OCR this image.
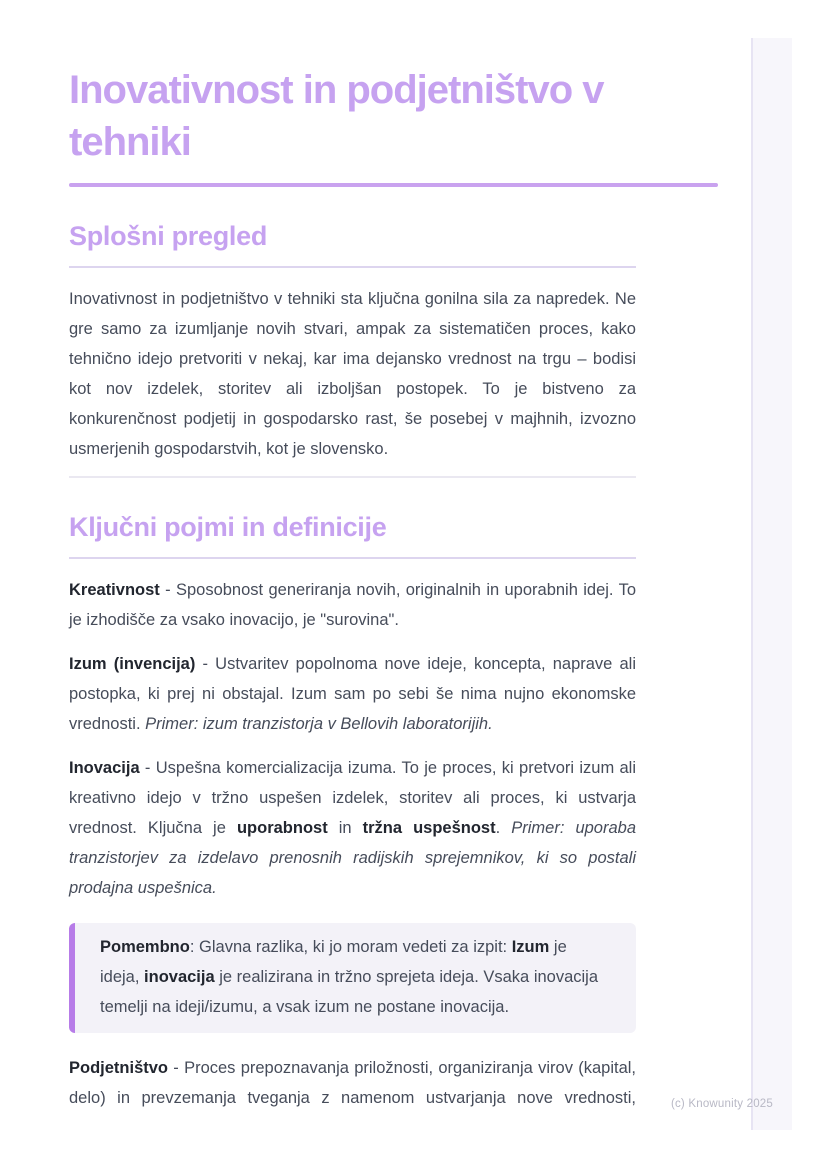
Inovativnost in podjetništvo v tehniki
Splošni pregled

Inovativnost in podjetništvo v tehniki sta ključna gonilna sila za napredek. Ne gre samo za izumljanje novih stvari, ampak za sistematičen proces, kako tehnično idejo pretvoriti v nekaj, kar ima dejansko vrednost na trgu – bodisi kot nov izdelek, storitev ali izboljšan postopek. To je bistveno za konkurenčnost podjetij in gospodarsko rast, še posebej v majhnih, izvozno usmerjenih gospodarstvih, kot je slovensko.

Ključni pojmi in definicije

Kreativnost - Sposobnost generiranja novih, originalnih in uporabnih idej. To je izhodišče za vsako inovacijo, je "surovina".

Izum (invencija) - Ustvaritev popolnoma nove ideje, koncepta, naprave ali postopka, ki prej ni obstajal. Izum sam po sebi še nima nujno ekonomske vrednosti. Primer: izum tranzistorja v Bellovih laboratorijih.

Inovacija - Uspešna komercializacija izuma. To je proces, ki pretvori izum ali kreativno idejo v tržno uspešen izdelek, storitev ali proces, ki ustvarja vrednost. Ključna je uporabnost in tržna uspešnost. Primer: uporaba tranzistorjev za izdelavo prenosnih radijskih sprejemnikov, ki so postali prodajna uspešnica.

Pomembno: Glavna razlika, ki jo moram vedeti za izpit: Izum je ideja, inovacija je realizirana in tržno sprejeta ideja. Vsaka inovacija temelji na ideji/izumu, a vsak izum ne postane inovacija.

Podjetništvo - Proces prepoznavanja priložnosti, organiziranja virov (kapital, delo) in prevzemanja tveganja z namenom ustvarjanja nove vrednosti,	(c) Knowunity 2025
